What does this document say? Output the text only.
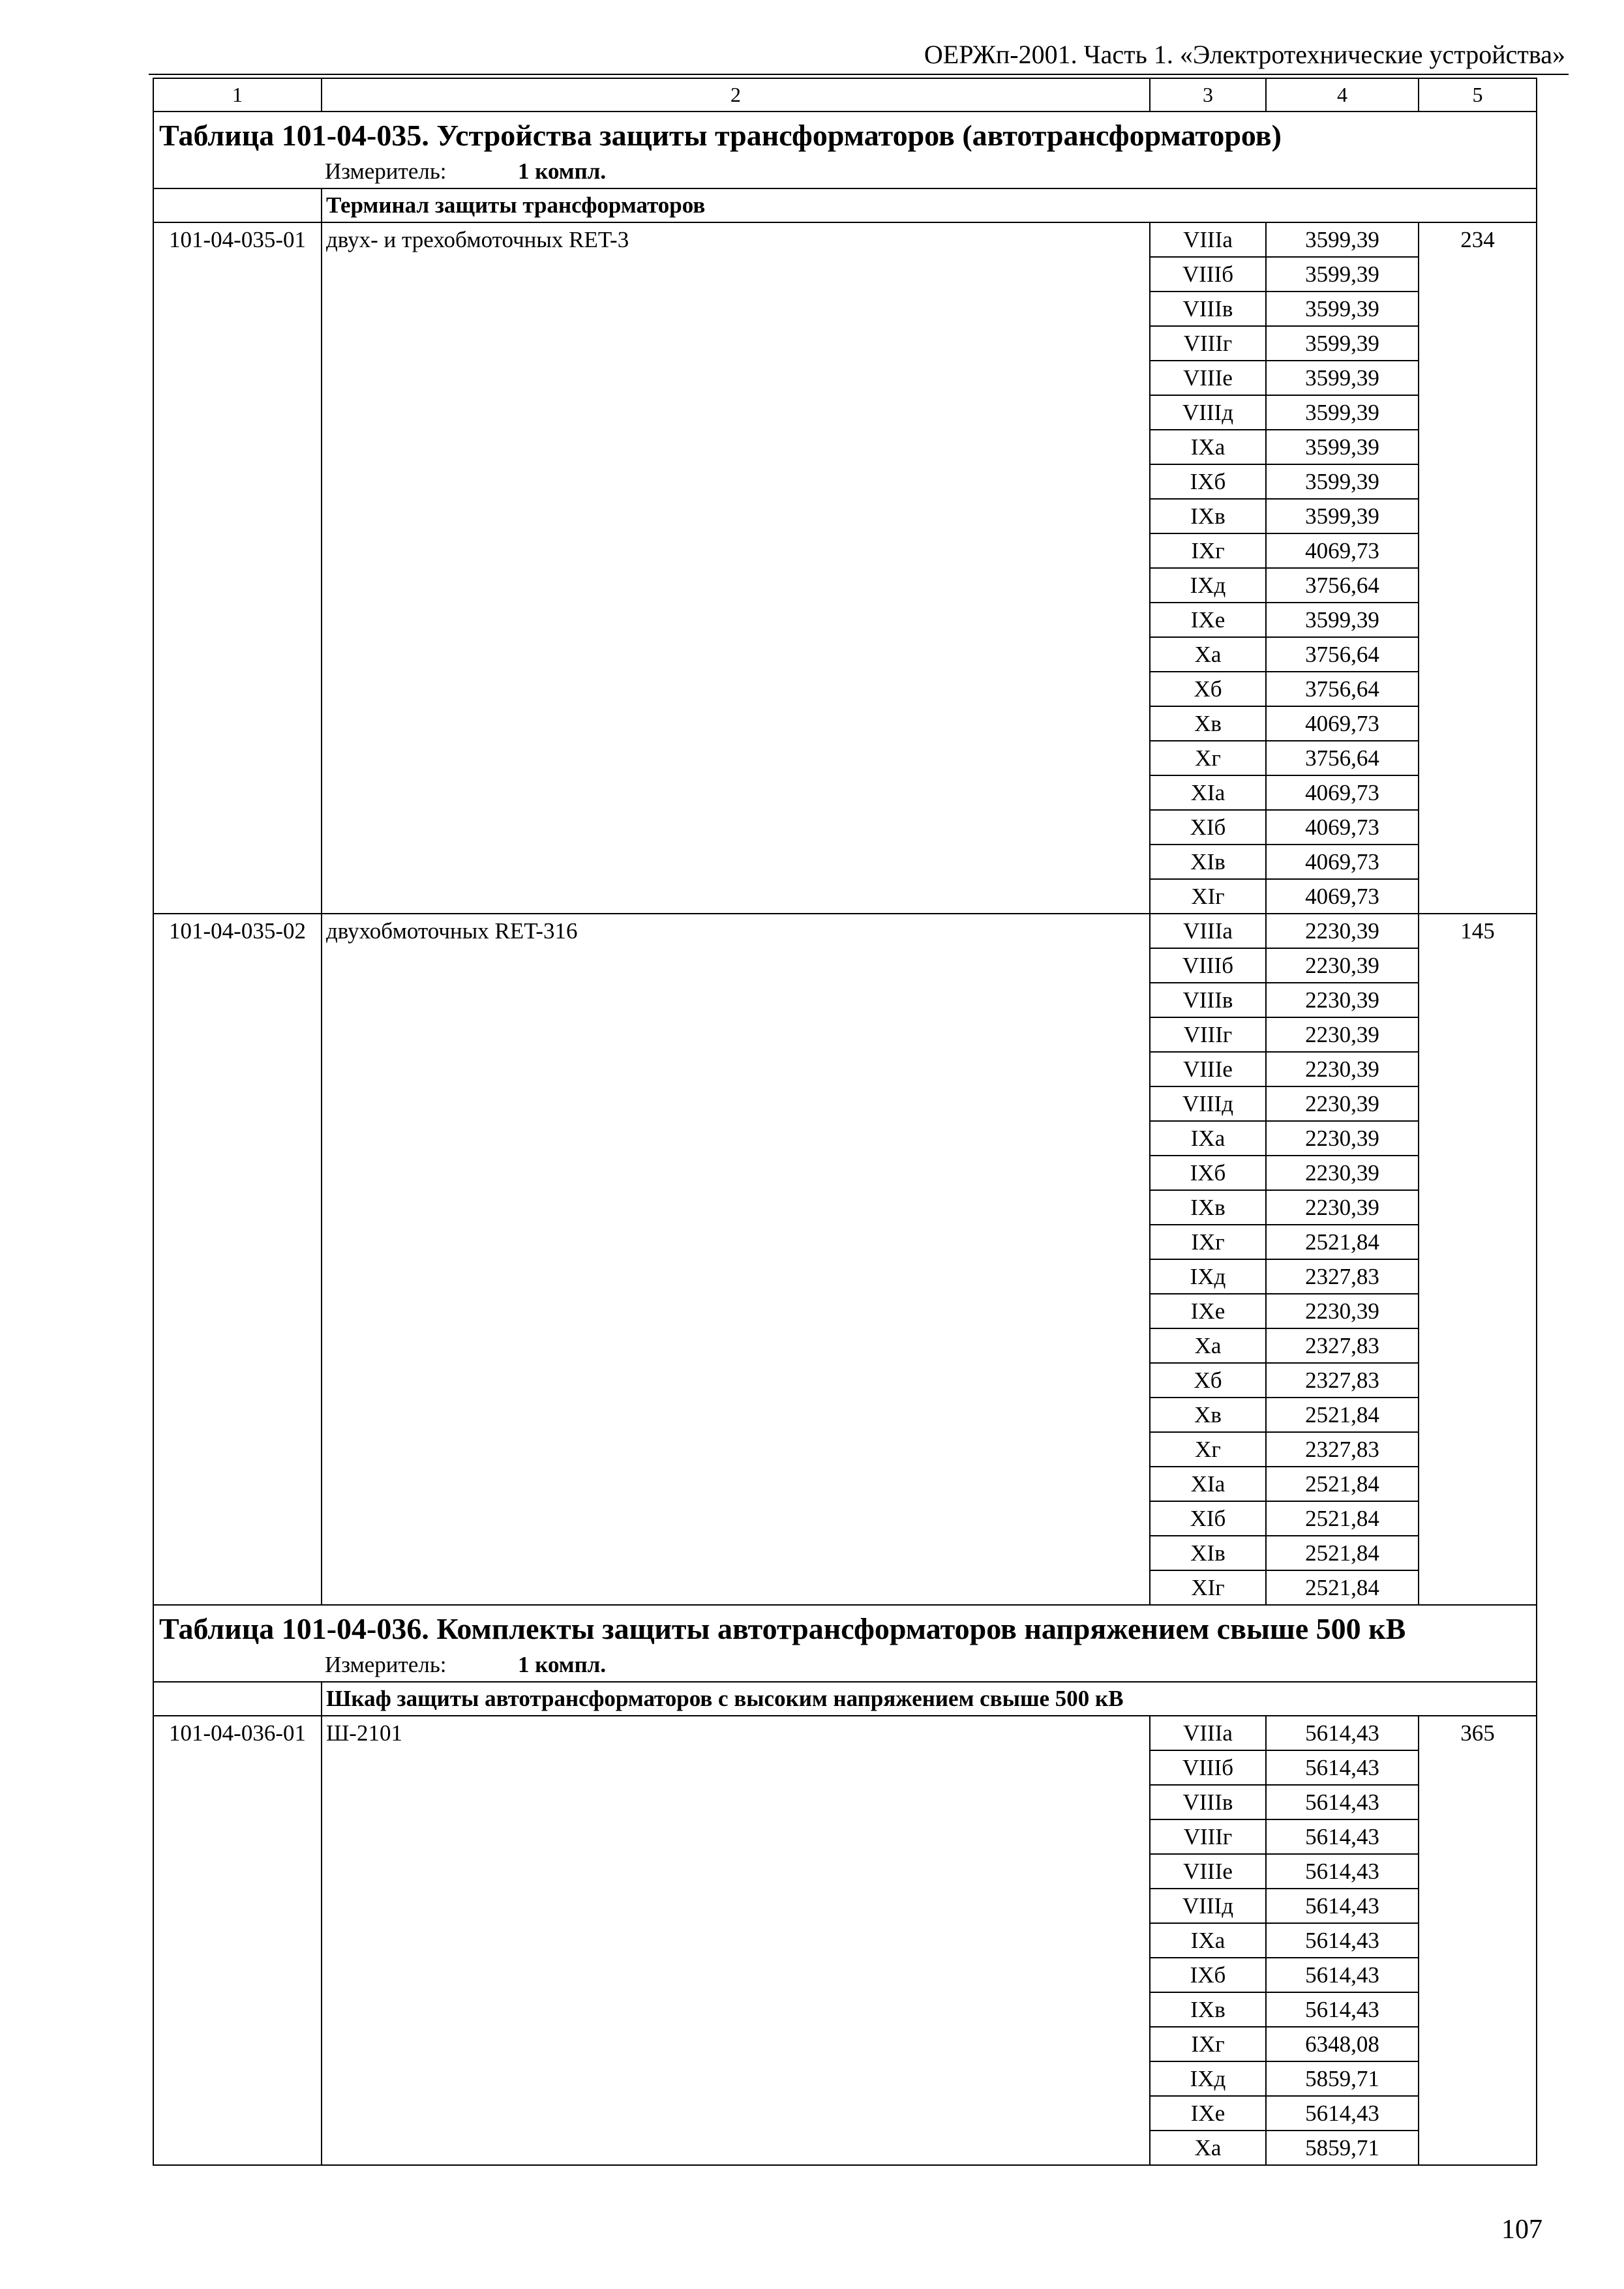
ОЕРЖп-2001. Часть 1. «Электротехнические устройства»
1	2	3	4	5

Таблица 101-04-035. Устройства защиты трансформаторов (автотрансформаторов)
Измеритель: 1 компл.				

	Терминал защиты трансформаторов			
101-04-035-01	двух- и трехобмоточных RET-3	VIIIa	3599,39	234
		VIIIб	3599,39	
		VIIIв	3599,39	
		VIIIг	3599,39	
		VIIIе	3599,39	
		VIIIд	3599,39	
		IXa	3599,39	
		IXб	3599,39	
		IXв	3599,39	
		IXг	4069,73	
		IXд	3756,64	
		IXe	3599,39	
		Xa	3756,64	
		Xб	3756,64	
		Xв	4069,73	
		Xг	3756,64	
		XIa	4069,73	
		XIб	4069,73	
		XIв	4069,73	
		XIг	4069,73	
101-04-035-02	двухобмоточных RET-316	VIIIa	2230,39	145
		VIIIб	2230,39	
		VIIIв	2230,39	
		VIIIг	2230,39	
		VIIIе	2230,39	
		VIIIд	2230,39	
		IXa	2230,39	
		IXб	2230,39	
		IXв	2230,39	
		IXг	2521,84	
		IXд	2327,83	
		IXe	2230,39	
		Xa	2327,83	
		Xб	2327,83	
		Xв	2521,84	
		Xг	2327,83	
		XIa	2521,84	
		XIб	2521,84	
		XIв	2521,84	
		XIг	2521,84	

Таблица 101-04-036. Комплекты защиты автотрансформаторов напряжением свыше 500 кВ
Измеритель: 1 компл.				

	Шкаф защиты автотрансформаторов с высоким напряжением свыше 500 кВ			
101-04-036-01	Ш-2101	VIIIa	5614,43	365
		VIIIб	5614,43	
		VIIIв	5614,43	
		VIIIг	5614,43	
		VIIIе	5614,43	
		VIIIд	5614,43	
		IXa	5614,43	
		IXб	5614,43	
		IXв	5614,43	
		IXг	6348,08	
		IXд	5859,71	
		IXe	5614,43	
		Xa	5859,71	
107
